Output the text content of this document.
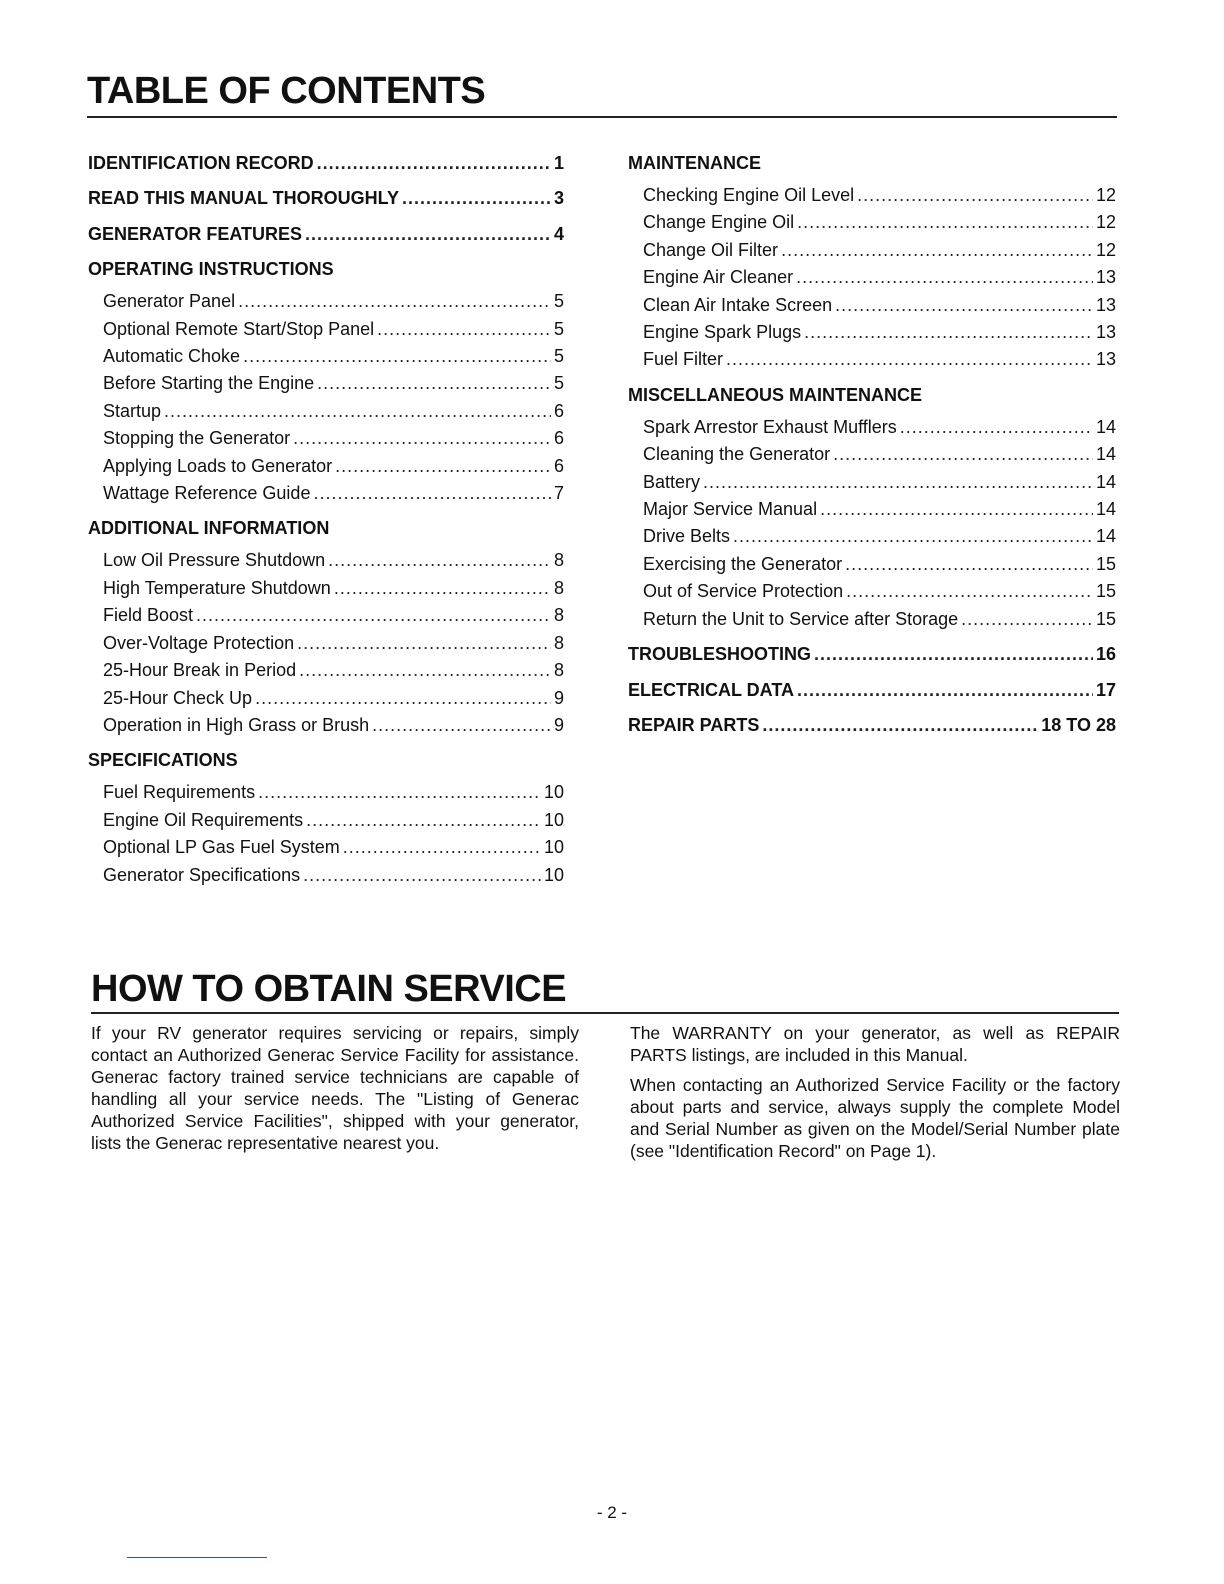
TABLE OF CONTENTS
IDENTIFICATION RECORD .....	1
READ THIS MANUAL THOROUGHLY .....	3
GENERATOR FEATURES .....	4
OPERATING INSTRUCTIONS
Generator Panel .....	5
Optional Remote Start/Stop Panel .....	5
Automatic Choke .....	5
Before Starting the Engine .....	5
Startup .....	6
Stopping the Generator .....	6
Applying Loads to Generator .....	6
Wattage Reference Guide .....	7
ADDITIONAL INFORMATION
Low Oil Pressure Shutdown .....	8
High Temperature Shutdown .....	8
Field Boost .....	8
Over-Voltage Protection .....	8
25-Hour Break in Period .....	8
25-Hour Check Up .....	9
Operation in High Grass or Brush .....	9
SPECIFICATIONS
Fuel Requirements .....	10
Engine Oil Requirements .....	10
Optional LP Gas Fuel System .....	10
Generator Specifications .....	10
MAINTENANCE
Checking Engine Oil Level .....	12
Change Engine Oil .....	12
Change Oil Filter .....	12
Engine Air Cleaner .....	13
Clean Air Intake Screen .....	13
Engine Spark Plugs .....	13
Fuel Filter .....	13
MISCELLANEOUS MAINTENANCE
Spark Arrestor Exhaust Mufflers .....	14
Cleaning the Generator .....	14
Battery .....	14
Major Service Manual .....	14
Drive Belts .....	14
Exercising the Generator .....	15
Out of Service Protection .....	15
Return the Unit to Service after Storage .....	15
TROUBLESHOOTING .....	16
ELECTRICAL DATA .....	17
REPAIR PARTS .....	18 TO 28
HOW TO OBTAIN SERVICE

If your RV generator requires servicing or repairs, simply contact an Authorized Generac Service Facility for assistance. Generac factory trained service technicians are capable of handling all your service needs. The "Listing of Generac Authorized Service Facilities", shipped with your generator, lists the Generac representative nearest you.

The WARRANTY on your generator, as well as REPAIR PARTS listings, are included in this Manual.

When contacting an Authorized Service Facility or the factory about parts and service, always supply the complete Model and Serial Number as given on the Model/Serial Number plate (see "Identification Record" on Page 1).

- 2 -
